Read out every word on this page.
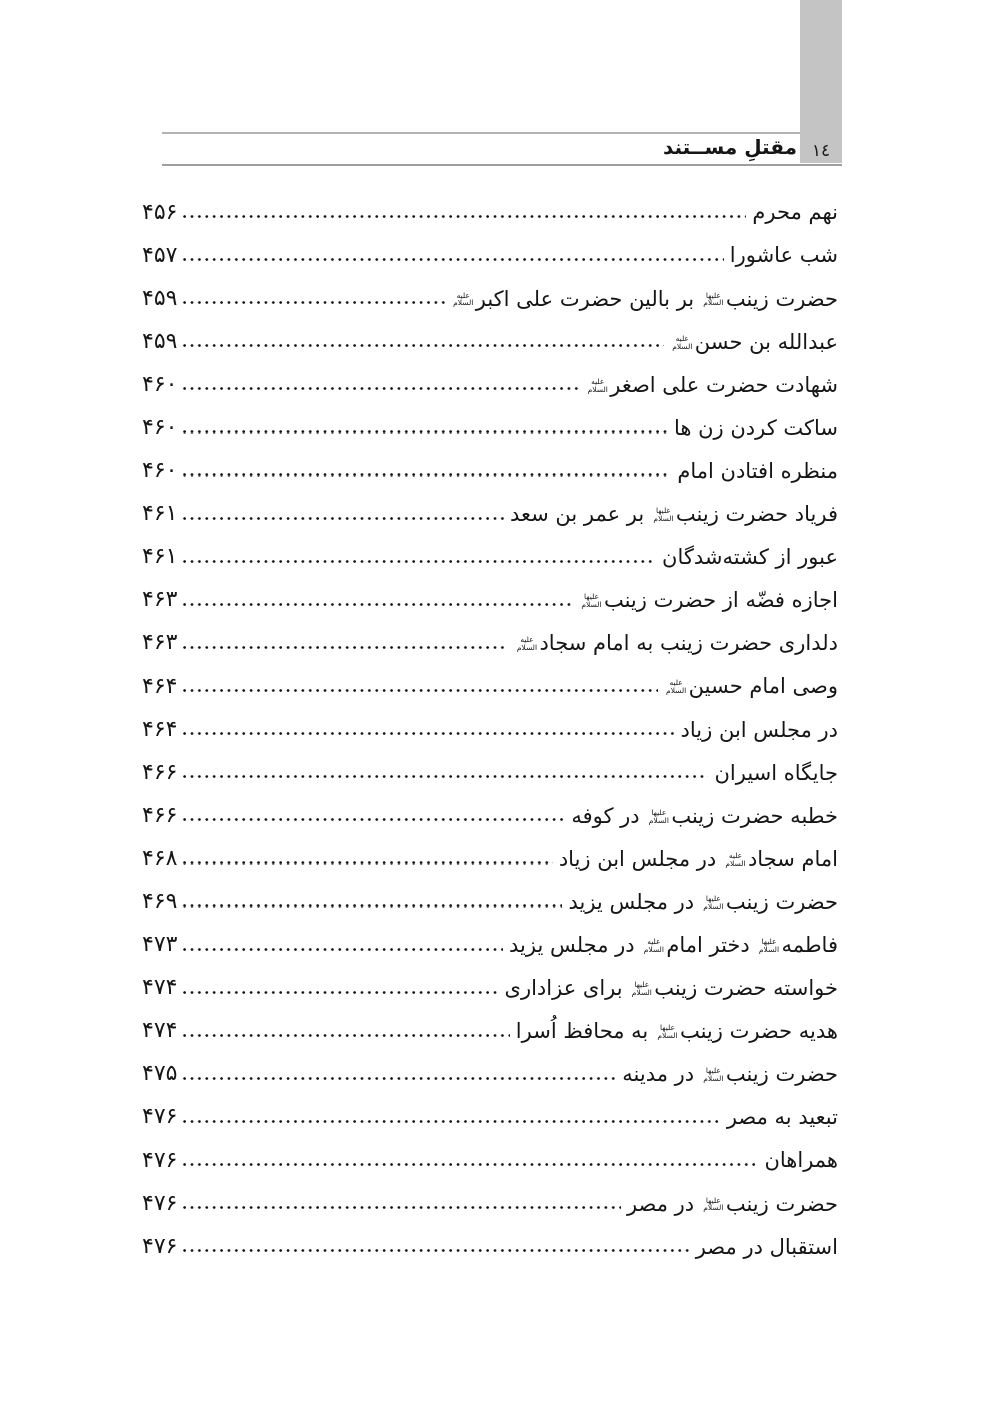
١٤
مقتلِ مســتند
نهم محرم
۴۵۶
شب عاشورا
۴۵۷
حضرت زینبعليها السلام بر بالین حضرت علی اکبرعليه السلام
۴۵۹
عبدالله بن حسنعليه السلام
۴۵۹
شهادت حضرت علی اصغرعليه السلام
۴۶۰
ساکت کردن زن ها
۴۶۰
منظره افتادن امام
۴۶۰
فریاد حضرت زینبعليها السلام بر عمر بن سعد
۴۶۱
عبور از کشته‌شدگان
۴۶۱
اجازه فضّه از حضرت زینبعليها السلام
۴۶۳
دلداری حضرت زینب به امام سجادعليه السلام
۴۶۳
وصی امام حسینعليه السلام
۴۶۴
در مجلس ابن زیاد
۴۶۴
جایگاه اسیران
۴۶۶
خطبه حضرت زینبعليها السلام در کوفه
۴۶۶
امام سجادعليه السلام در مجلس ابن زیاد
۴۶۸
حضرت زینبعليها السلام در مجلس یزید
۴۶۹
فاطمهعليها السلام دختر امامعليه السلام در مجلس یزید
۴۷۳
خواسته حضرت زینبعليها السلام برای عزاداری
۴۷۴
هدیه حضرت زینبعليها السلام به محافظ اُسرا
۴۷۴
حضرت زینبعليها السلام در مدینه
۴۷۵
تبعید به مصر
۴۷۶
همراهان
۴۷۶
حضرت زینبعليها السلام در مصر
۴۷۶
استقبال در مصر
۴۷۶
